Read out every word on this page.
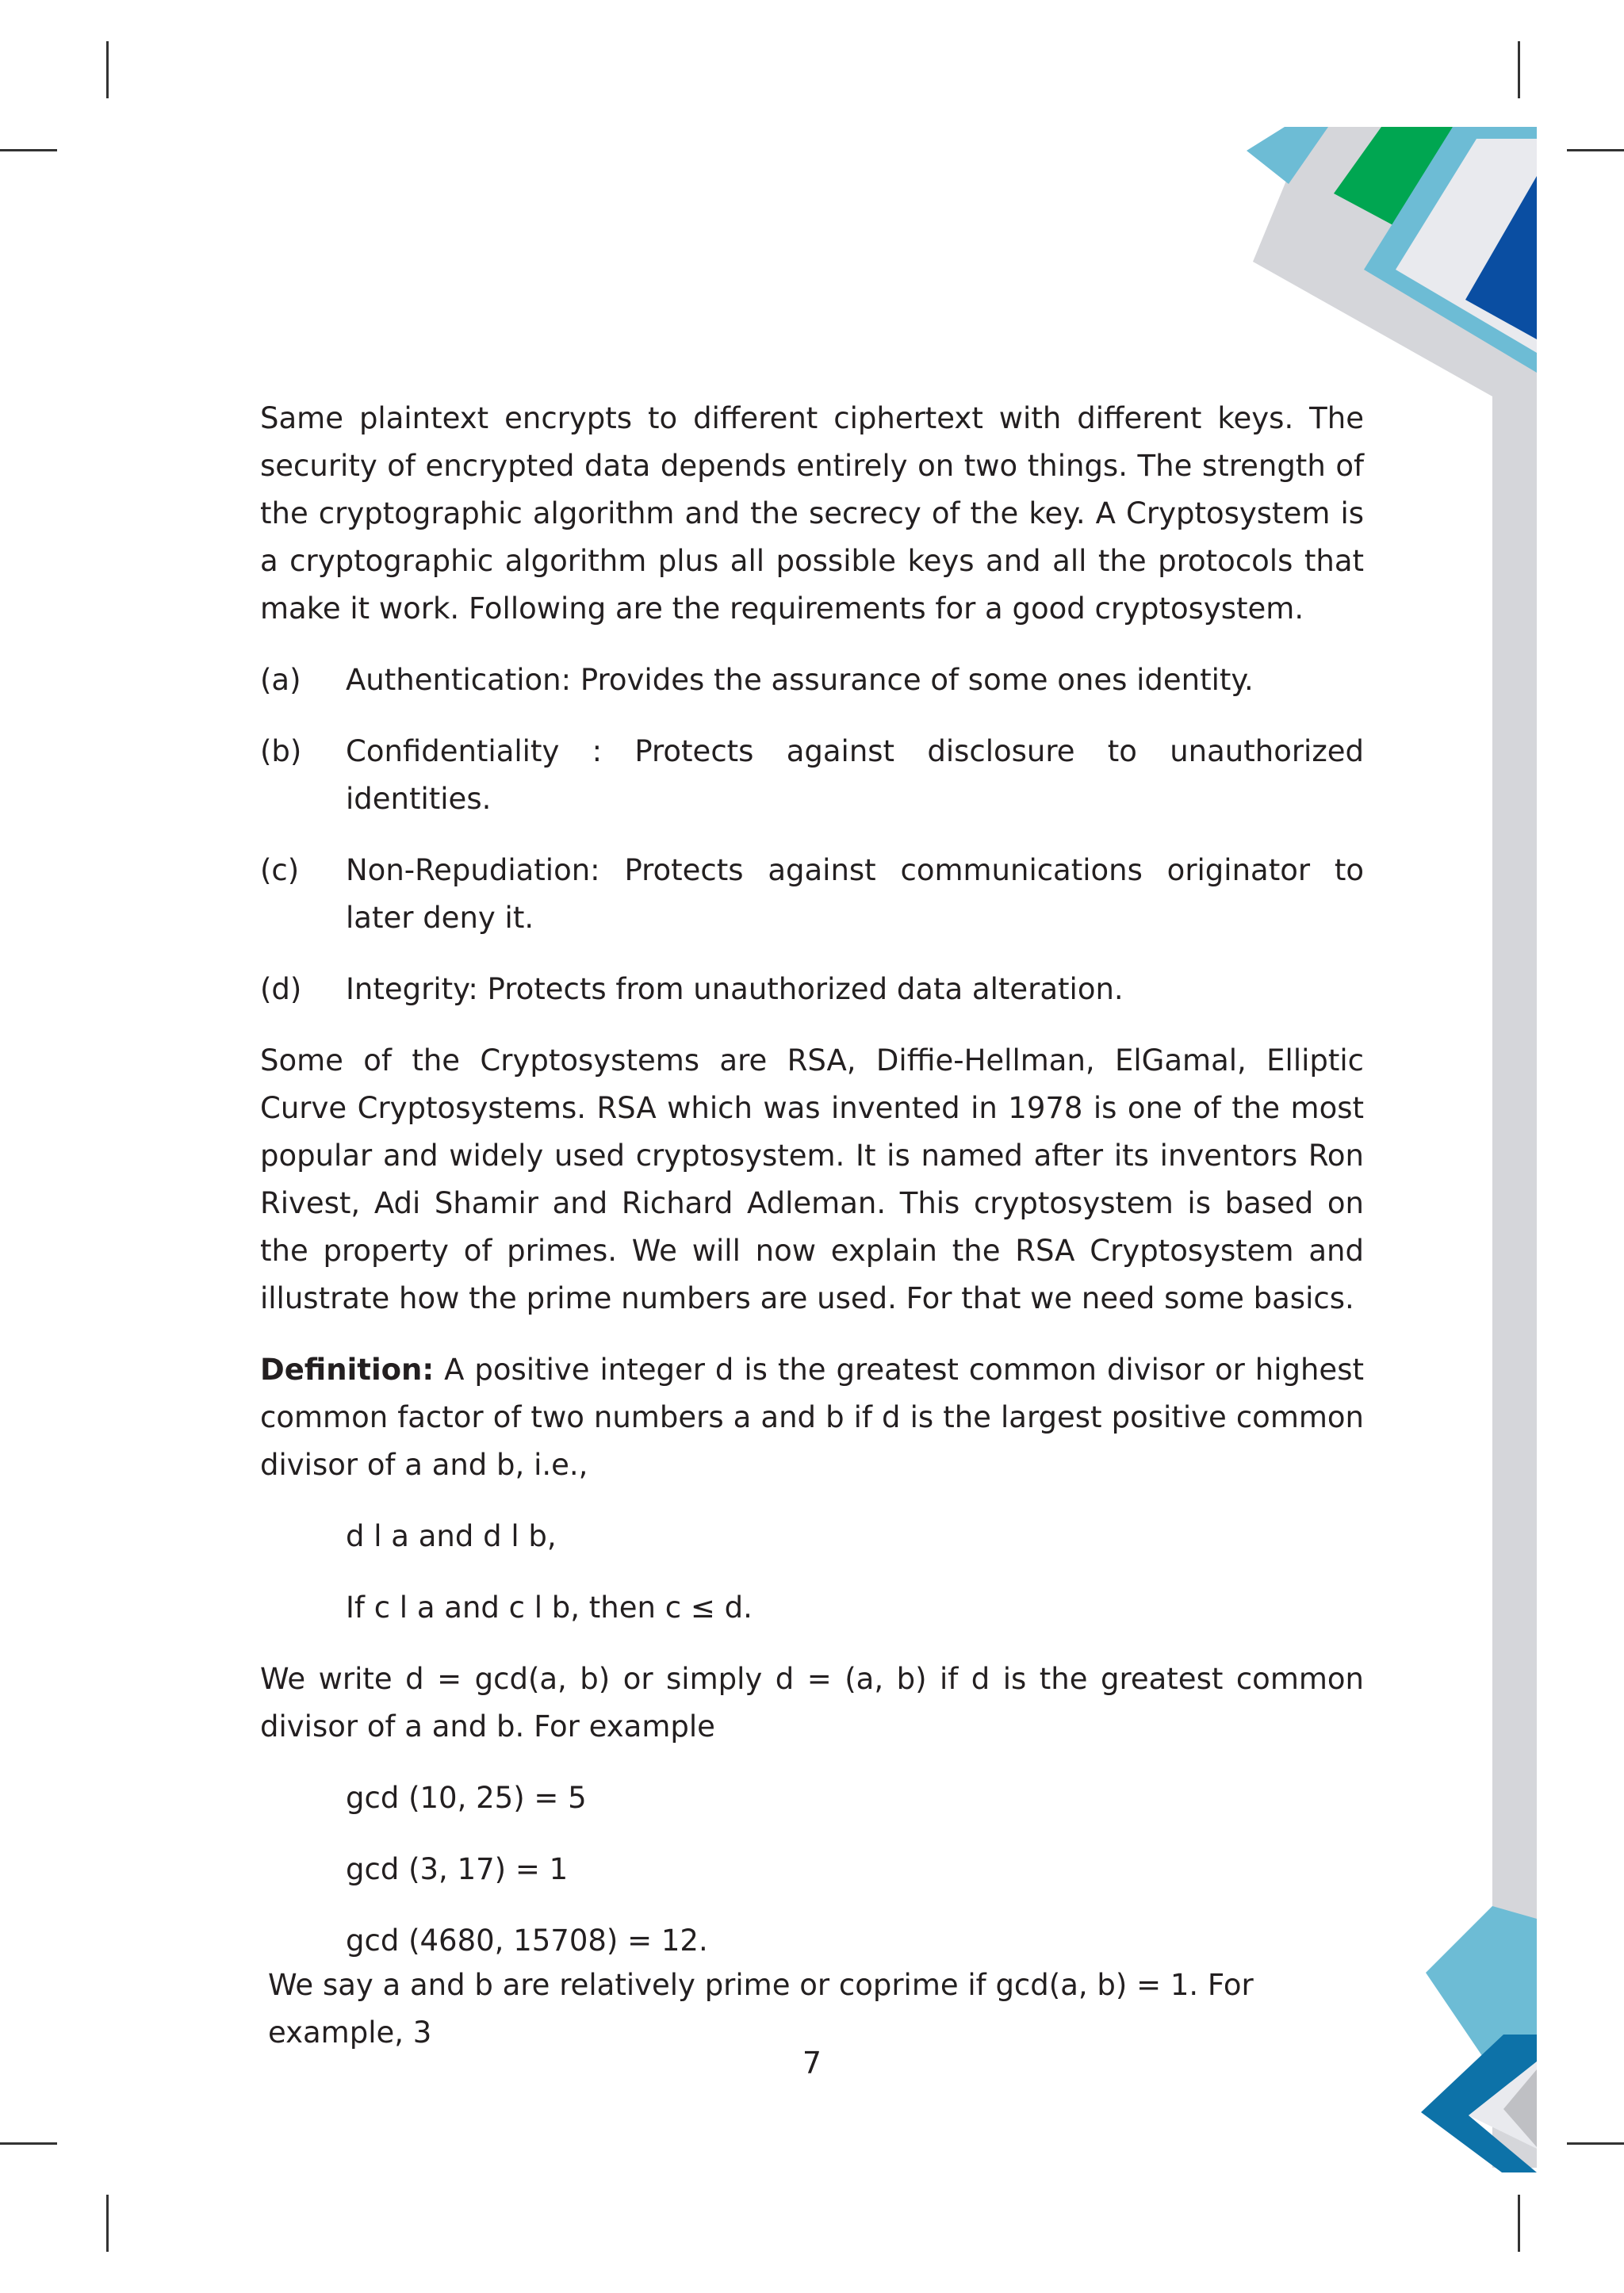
Same plaintext encrypts to different ciphertext with different keys. The security of encrypted data depends entirely on two things. The strength of the cryptographic algorithm and the secrecy of the key. A Cryptosystem is a cryptographic algorithm plus all possible keys and all the protocols that make it work. Following are the requirements for a good cryptosystem.

(a)	Authentication: Provides the assurance of some ones identity.
(b)	Confidentiality : Protects against disclosure to unauthorized identities.
(c)	Non-Repudiation: Protects against communications originator to later deny it.
(d)	Integrity: Protects from unauthorized data alteration.

Some of the Cryptosystems are RSA, Diffie-Hellman, ElGamal, Elliptic Curve Cryptosystems. RSA which was invented in 1978 is one of the most popular and widely used cryptosystem. It is named after its inventors Ron Rivest, Adi Shamir and Richard Adleman. This cryptosystem is based on the property of primes. We will now explain the RSA Cryptosystem and illustrate how the prime numbers are used. For that we need some basics.

Definition: A positive integer d is the greatest common divisor or highest common factor of two numbers a and b if d is the largest positive common divisor of a and b, i.e.,

d l a and d l b,
If c l a and c l b, then c ≤ d.

We write d = gcd(a, b) or simply d = (a, b) if d is the greatest common divisor of a and b. For example

gcd (10, 25) = 5
gcd (3, 17) = 1
gcd (4680, 15708) = 12.
We say a and b are relatively prime or coprime if gcd(a, b) = 1. For example, 3
7
